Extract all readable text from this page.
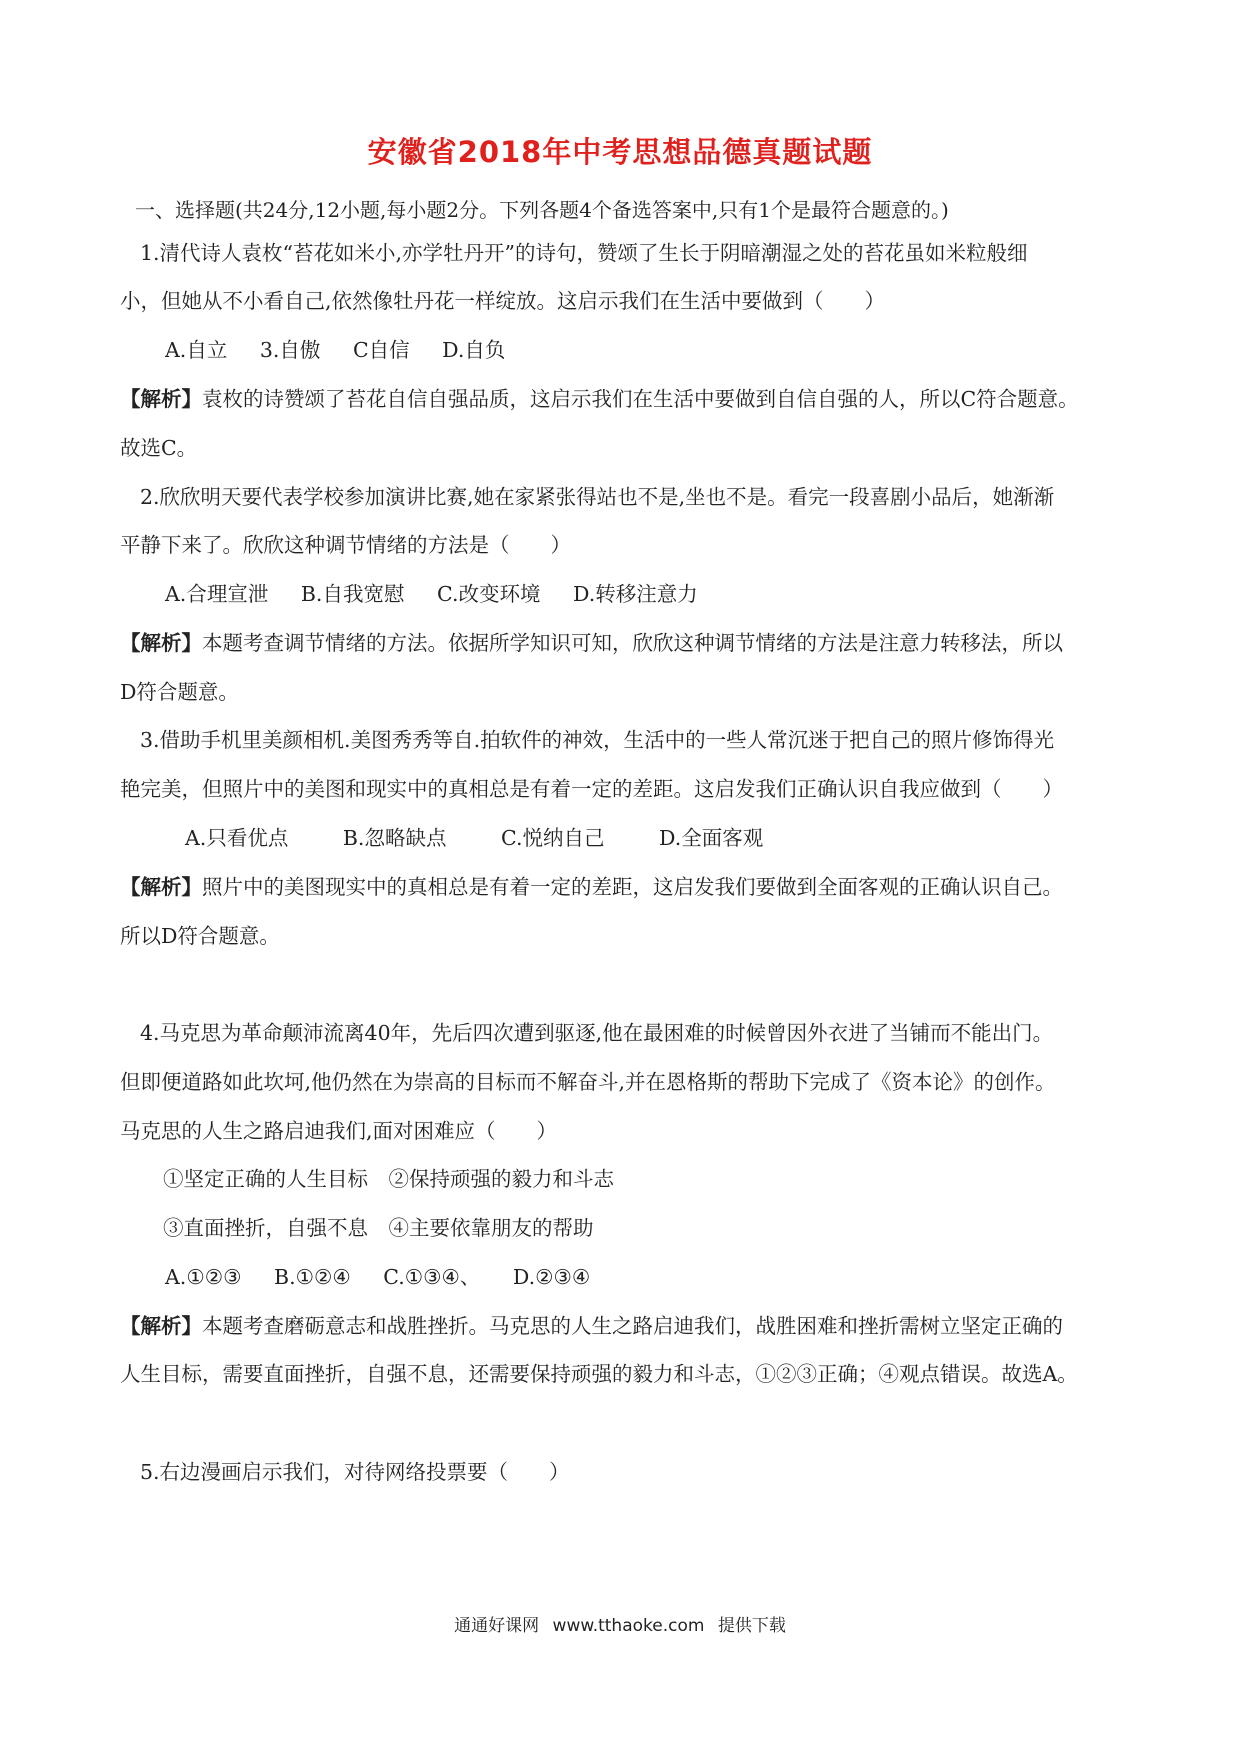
安徽省2018年中考思想品德真题试题
一、选择题(共24分,12小题,每小题2分。下列各题4个备选答案中,只有1个是最符合题意的。)
1.清代诗人袁枚“苔花如米小,亦学牡丹开”的诗句，赞颂了生长于阴暗潮湿之处的苔花虽如米粒般细
小，但她从不小看自己,依然像牡丹花一样绽放。这启示我们在生活中要做到（　　）
A.自立 3.自傲 C自信 D.自负
【解析】袁枚的诗赞颂了苔花自信自强品质，这启示我们在生活中要做到自信自强的人，所以C符合题意。
故选C。
2.欣欣明天要代表学校参加演讲比赛,她在家紧张得站也不是,坐也不是。看完一段喜剧小品后，她渐渐
平静下来了。欣欣这种调节情绪的方法是（　　）
A.合理宣泄 B.自我宽慰 C.改变环境 D.转移注意力
【解析】本题考查调节情绪的方法。依据所学知识可知，欣欣这种调节情绪的方法是注意力转移法，所以
D符合题意。
3.借助手机里美颜相机.美图秀秀等自.拍软件的神效，生活中的一些人常沉迷于把自己的照片修饰得光
艳完美，但照片中的美图和现实中的真相总是有着一定的差距。这启发我们正确认识自我应做到（　　）
A.只看优点	B.忽略缺点	C.悦纳自己	D.全面客观
【解析】照片中的美图现实中的真相总是有着一定的差距，这启发我们要做到全面客观的正确认识自己。
所以D符合题意。
4.马克思为革命颠沛流离40年，先后四次遭到驱逐,他在最困难的时候曾因外衣进了当铺而不能出门。
但即便道路如此坎坷,他仍然在为崇高的目标而不解奋斗,并在恩格斯的帮助下完成了《资本论》的创作。
马克思的人生之路启迪我们,面对困难应（　　）
①坚定正确的人生目标　②保持顽强的毅力和斗志
③直面挫折，自强不息　④主要依靠朋友的帮助
A.①②③ B.①②④ C.①③④、 D.②③④
【解析】本题考查磨砺意志和战胜挫折。马克思的人生之路启迪我们，战胜困难和挫折需树立坚定正确的
人生目标，需要直面挫折，自强不息，还需要保持顽强的毅力和斗志，①②③正确；④观点错误。故选A。
5.右边漫画启示我们，对待网络投票要（　　）
通通好课网 www.tthaoke.com 提供下载
